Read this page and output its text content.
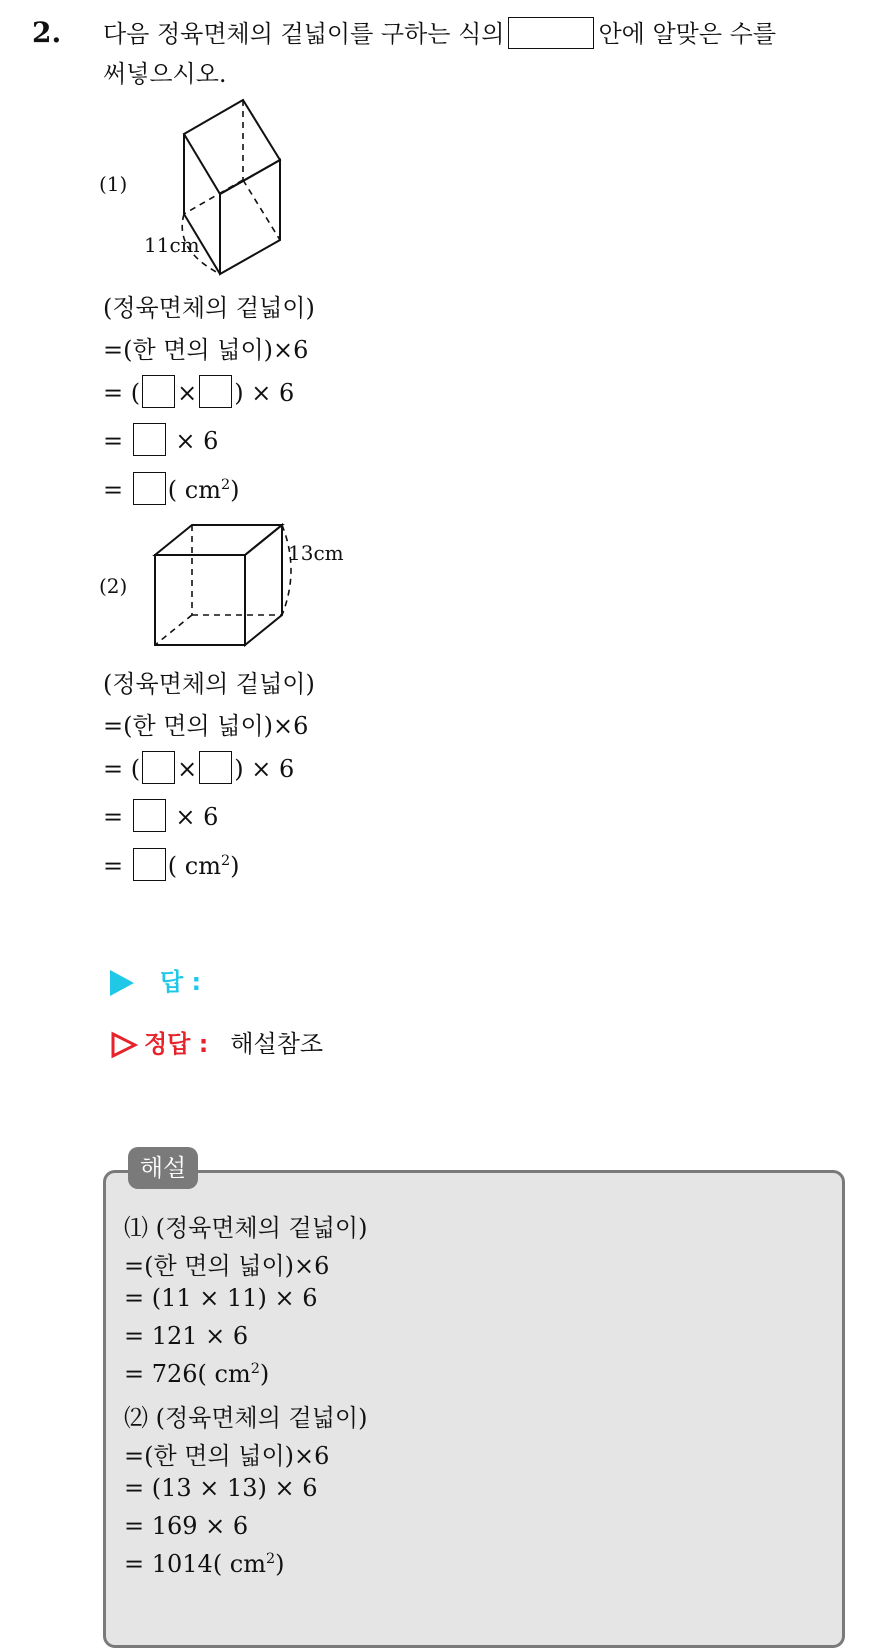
2. 다음 정육면체의 겉넓이를 구하는 식의	안에 알맞은 수를
써넣으시오.
(1)
11cm
(정육면체의 겉넓이)
=(한 면의 넓이)×6
= ( × ) × 6
=  × 6
= ( $cm^2$)
(2)
13cm
(정육면체의 겉넓이)
=(한 면의 넓이)×6
= ( × ) × 6
=  × 6
= ( $cm^2$)
답 :
정답 : 해설참조
해설
⑴ (정육면체의 겉넓이)
=(한 면의 넓이)×6
= (11 × 11) × 6
= 121 × 6
= 726( $cm^2$)
⑵ (정육면체의 겉넓이)
=(한 면의 넓이)×6
= (13 × 13) × 6
= 169 × 6
= 1014( $cm^2$)
